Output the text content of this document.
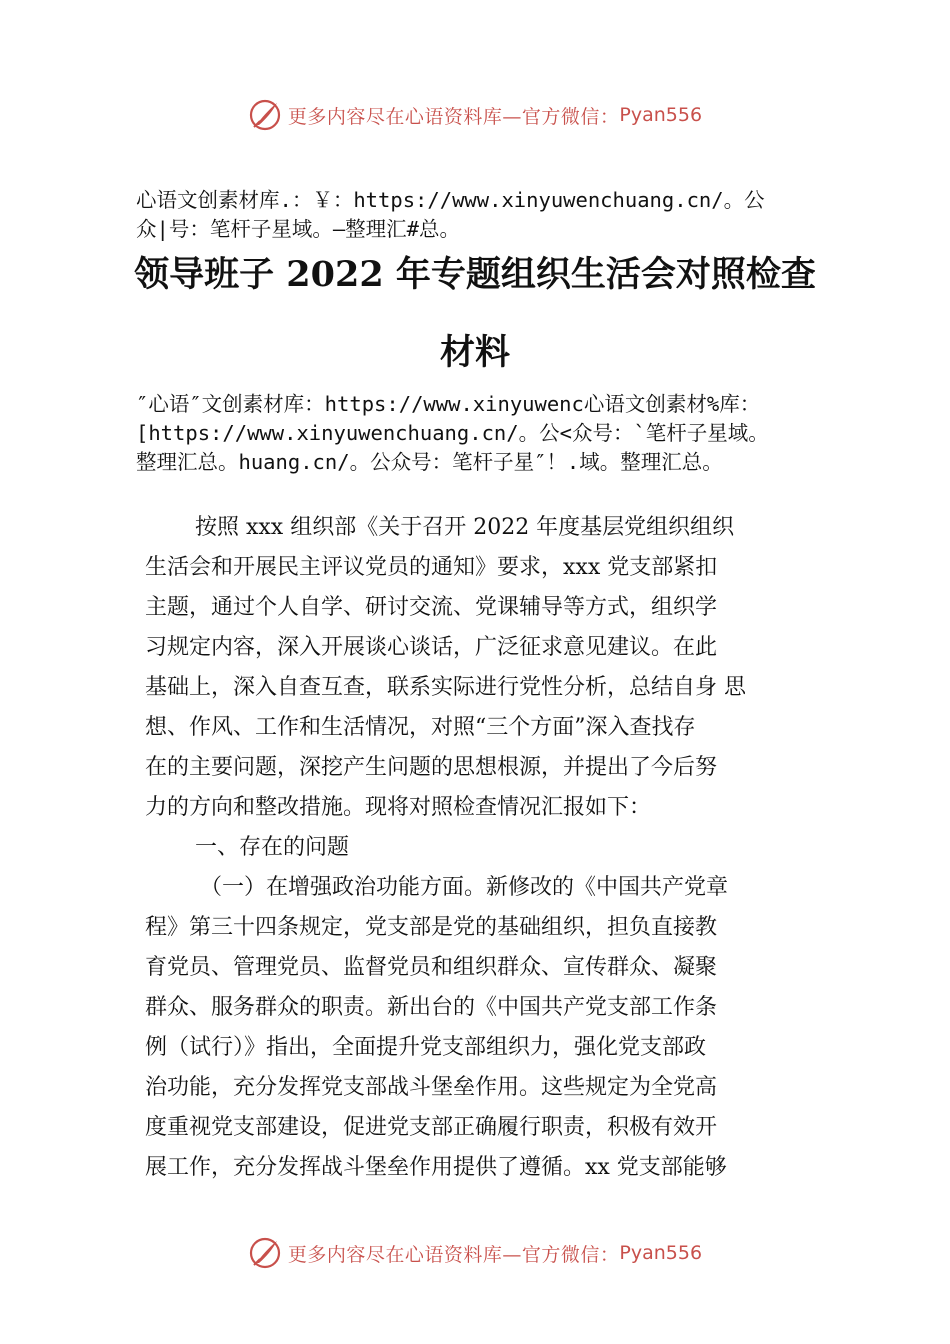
更多内容尽在心语资料库—官方微信： Pyan556

心语文创素材库.：￥：https://www.xinyuwenchuang.cn/。公

众|号：笔杆子星域。—整理汇#总。

领导班子 2022 年专题组织生活会对照检查
材料

″心语″文创素材库：https://www.xinyuwenc心语文创素材%库：

[https://www.xinyuwenchuang.cn/。公<众号：`笔杆子星域。

整理汇总。huang.cn/。公众号：笔杆子星″！.域。整理汇总。

按照 xxx 组织部《关于召开 2022 年度基层党组织组织

生活会和开展民主评议党员的通知》要求，xxx 党支部紧扣

主题，通过个人自学、研讨交流、党课辅导等方式，组织学

习规定内容，深入开展谈心谈话，广泛征求意见建议。在此

基础上，深入自查互查，联系实际进行党性分析，总结自身 思

想、作风、工作和生活情况，对照“三个方面”深入查找存

在的主要问题，深挖产生问题的思想根源，并提出了今后努

力的方向和整改措施。现将对照检查情况汇报如下：

一、存在的问题

（一）在增强政治功能方面。新修改的《中国共产党章

程》第三十四条规定，党支部是党的基础组织，担负直接教

育党员、管理党员、监督党员和组织群众、宣传群众、凝聚

群众、服务群众的职责。新出台的《中国共产党支部工作条

例（试行）》指出，全面提升党支部组织力，强化党支部政

治功能，充分发挥党支部战斗堡垒作用。这些规定为全党高

度重视党支部建设，促进党支部正确履行职责，积极有效开

展工作，充分发挥战斗堡垒作用提供了遵循。xx 党支部能够

更多内容尽在心语资料库—官方微信： Pyan556
